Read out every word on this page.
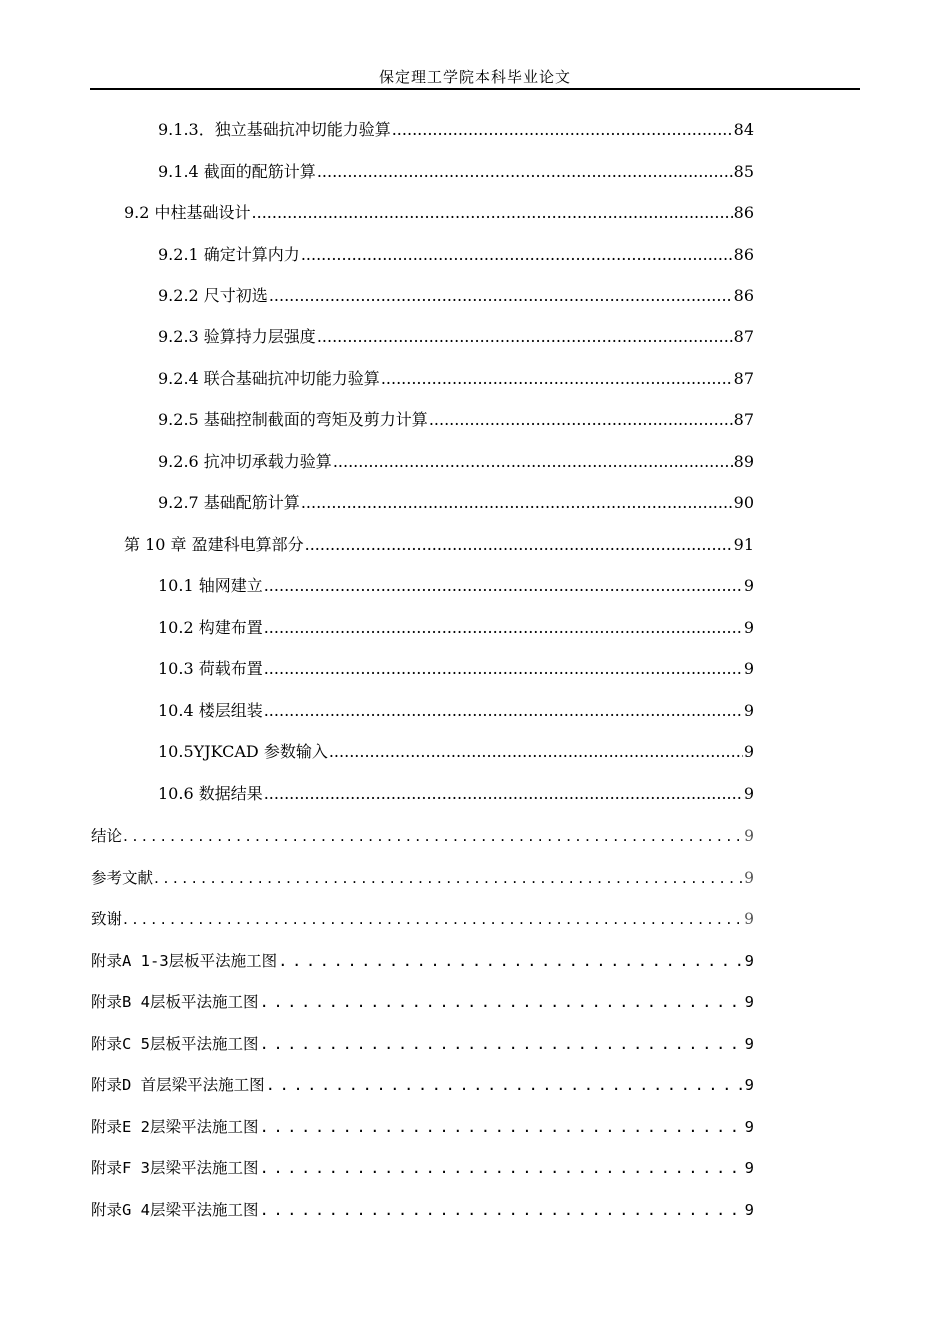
保定理工学院本科毕业论文
9.1.3．独立基础抗冲切能力验算 .....	84
9.1.4 截面的配筋计算 .....	85
9.2 中柱基础设计 .....	86
9.2.1 确定计算内力 .....	86
9.2.2 尺寸初选 .....	86
9.2.3 验算持力层强度 .....	87
9.2.4 联合基础抗冲切能力验算 .....	87
9.2.5 基础控制截面的弯矩及剪力计算 .....	87
9.2.6 抗冲切承载力验算 .....	89
9.2.7 基础配筋计算 .....	90
第 10 章 盈建科电算部分 .....	91
10.1 轴网建立 .....	9
10.2 构建布置 .....	9
10.3 荷载布置 .....	9
10.4 楼层组装 .....	9
10.5YJKCAD 参数输入 .....	9
10.6 数据结果 .....	9
结论 .....	9
参考文献 .....	9
致谢 .....	9
附录A 1-3层板平法施工图 .....	9
附录B 4层板平法施工图 .....	9
附录C 5层板平法施工图 .....	9
附录D 首层梁平法施工图 .....	9
附录E 2层梁平法施工图 .....	9
附录F 3层梁平法施工图 .....	9
附录G 4层梁平法施工图 .....	9
